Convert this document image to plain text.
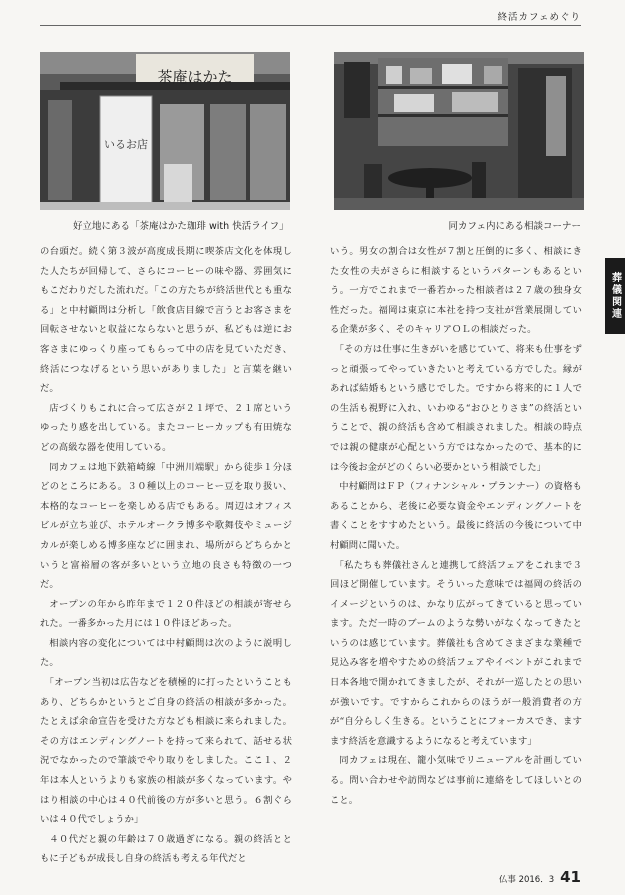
終活カフェめぐり
茶庵はかた
いるお店
好立地にある「茶庵はかた珈琲 with 快活ライフ」	同カフェ内にある相談コーナー

の台頭だ。続く第３波が高度成長期に喫茶店文化を体現した人たちが回帰して、さらにコーヒーの味や器、雰囲気にもこだわりだした流れだ。「この方たちが終活世代とも重なる」と中村顧問は分析し「飲食店目線で言うとお客さまを回転させないと収益にならないと思うが、私どもは逆にお客さまにゆっくり座ってもらって中の店を見ていただき、終活につなげるという思いがありました」と言葉を継いだ。

店づくりもこれに合って広さが２１坪で、２１席というゆったり感を出している。またコーヒーカップも有田焼などの高級な器を使用している。

同カフェは地下鉄箱崎線「中洲川端駅」から徒歩１分ほどのところにある。３０種以上のコーヒー豆を取り扱い、本格的なコーヒーを楽しめる店でもある。周辺はオフィスビルが立ち並び、ホテルオークラ博多や歌舞伎やミュージカルが楽しめる博多座などに囲まれ、場所がらどちらかというと富裕層の客が多いという立地の良さも特徴の一つだ。

オープンの年から昨年まで１２０件ほどの相談が寄せられた。一番多かった月には１０件ほどあった。

相談内容の変化については中村顧問は次のように説明した。

「オープン当初は広告などを積極的に打ったということもあり、どちらかというとご自身の終活の相談が多かった。たとえば余命宣告を受けた方なども相談に来られました。その方はエンディングノートを持って来られて、話せる状況でなかったので筆談でやり取りをしました。ここ１、２年は本人というよりも家族の相談が多くなっています。やはり相談の中心は４０代前後の方が多いと思う。６割ぐらいは４０代でしょうか」

４０代だと親の年齢は７０歳過ぎになる。親の終活とともに子どもが成長し自身の終活も考える年代だと

いう。男女の割合は女性が７割と圧倒的に多く、相談にきた女性の夫がさらに相談するというパターンもあるという。一方でこれまで一番若かった相談者は２７歳の独身女性だった。福岡は東京に本社を持つ支社が営業展開している企業が多く、そのキャリアＯＬの相談だった。

「その方は仕事に生きがいを感じていて、将来も仕事をずっと頑張ってやっていきたいと考えている方でした。縁があれば結婚もという感じでした。ですから将来的に１人での生活も視野に入れ、いわゆる“おひとりさま”の終活ということで、親の終活も含めて相談されました。相談の時点では親の健康が心配という方ではなかったので、基本的には今後お金がどのくらい必要かという相談でした」

中村顧問はＦＰ（フィナンシャル・プランナー）の資格もあることから、老後に必要な資金やエンディングノートを書くことをすすめたという。最後に終活の今後について中村顧問に聞いた。

「私たちも葬儀社さんと連携して終活フェアをこれまで３回ほど開催しています。そういった意味では福岡の終活のイメージというのは、かなり広がってきていると思っています。ただ一時のブームのような勢いがなくなってきたというのは感じています。葬儀社も含めてさまざまな業種で見込み客を増やすための終活フェアやイベントがこれまで日本各地で開かれてきましたが、それが一巡したとの思いが強いです。ですからこれからのほうが一般消費者の方が“自分らしく生きる。ということにフォーカスでき、ますます終活を意識するようになると考えています」

同カフェは現在、籠小気味でリニューアルを計画している。問い合わせや訪問などは事前に連絡をしてほしいとのこと。

葬儀関連
仏事 2016．3 41
